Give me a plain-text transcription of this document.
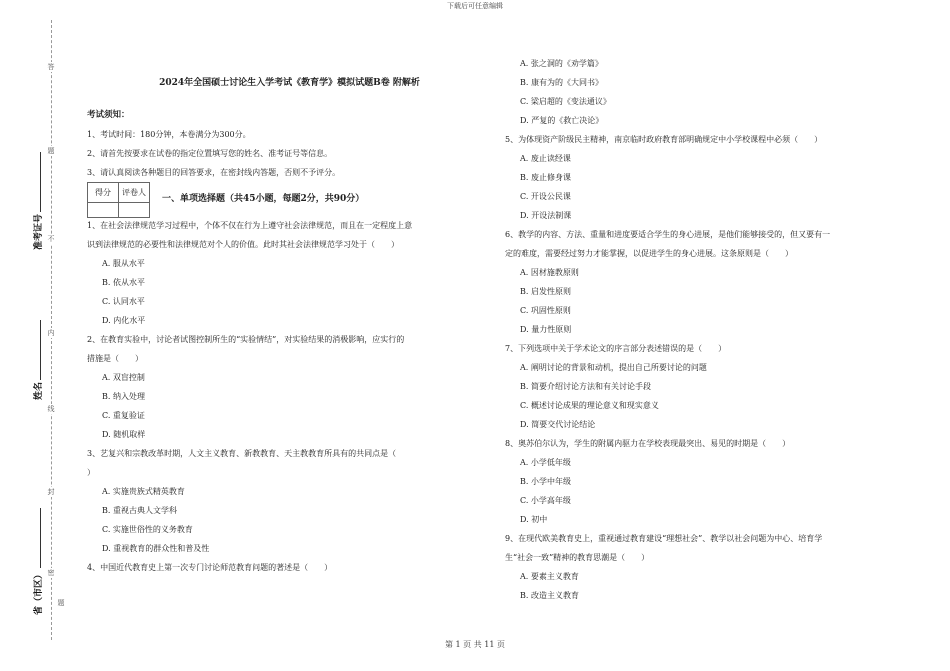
下载后可任意编辑
答
题
不
内
线
封
密
准考证号
姓名
省（市区） 题
2024年全国硕士讨论生入学考试《教育学》模拟试题B卷 附解析
考试须知：
1、考试时间：180分钟，本卷满分为300分。
2、请首先按要求在试卷的指定位置填写您的姓名、准考证号等信息。
3、请认真阅读各种题目的回答要求，在密封线内答题，否则不予评分。
得分	评卷人

一、单项选择题（共45小题，每题2分，共90分）
1、在社会法律规范学习过程中，个体不仅在行为上遵守社会法律规范，而且在一定程度上意
识到法律规范的必要性和法律规范对个人的价值。此时其社会法律规范学习处于（　　）
A. 服从水平
B. 依从水平
C. 认同水平
D. 内化水平
2、在教育实验中，讨论者试图控制所生的“实验情结”，对实验结果的消极影响，应实行的
措施是（　　）
A. 双盲控制
B. 纳入处理
C. 重复验证
D. 随机取样
3、艺复兴和宗教改革时期，人文主义教育、新教教育、天主教教育所具有的共同点是（
）
A. 实施贵族式精英教育
B. 重视古典人文学科
C. 实施世俗性的义务教育
D. 重视教育的群众性和普及性
4、中国近代教育史上第一次专门讨论师范教育问题的著述是（　　）
A. 张之洞的《劝学篇》
B. 康有为的《大同书》
C. 梁启超的《变法通议》
D. 严复的《救亡决论》
5、为体现资产阶级民主精神，南京临时政府教育部明确规定中小学校课程中必须（　　）
A. 废止读经课
B. 废止修身课
C. 开设公民课
D. 开设法制课
6、教学的内容、方法、重量和进度要适合学生的身心进展，是他们能够接受的，但又要有一
定的难度，需要经过努力才能掌握，以促进学生的身心进展。这条原则是（　　）
A. 因材施教原则
B. 启发性原则
C. 巩固性原则
D. 量力性原则
7、下列选项中关于学术论文的序言部分表述错误的是（　　）
A. 阐明讨论的背景和动机，提出自己所要讨论的问题
B. 简要介绍讨论方法和有关讨论手段
C. 概述讨论成果的理论意义和现实意义
D. 简要交代讨论结论
8、奥苏伯尔认为，学生的附属内驱力在学校表现最突出、易见的时期是（　　）
A. 小学低年级
B. 小学中年级
C. 小学高年级
D. 初中
9、在现代欧美教育史上，重视通过教育建设“理想社会”、教学以社会问题为中心、培育学
生“社会一致”精神的教育思潮是（　　）
A. 要素主义教育
B. 改造主义教育
第 1 页 共 11 页
